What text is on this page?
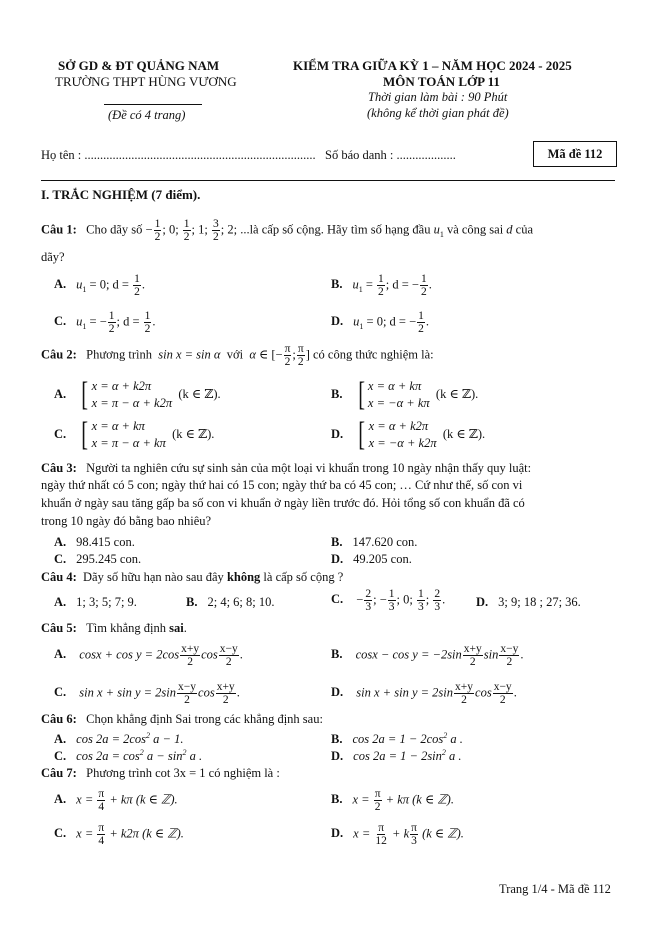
SỞ GD & ĐT QUẢNG NAM
TRƯỜNG THPT HÙNG VƯƠNG
(Đề có 4 trang)
KIỂM TRA GIỮA KỲ 1 – NĂM HỌC 2024 - 2025
MÔN TOÁN LỚP 11
Thời gian làm bài : 90 Phút
(không kể thời gian phát đề)
Họ tên : .......................................................................... Số báo danh : ...................	Mã đề 112
I. TRẮC NGHIỆM (7 điểm).
Câu 1: Cho dãy số − $\frac{1}{2}$ ; 0; $\frac{1}{2}$ ; 1; $\frac{3}{2}$ ; 2; ...là cấp số cộng. Hãy tìm số hạng đầu $u_1$ và công sai d của
dãy?
A. $u_1 = 0$; $d = \frac{1}{2}$ .	B. $u_1 = \frac{1}{2}$ ; d = − $\frac{1}{2}$ .
C. $u_1$ = − $\frac{1}{2}$ ; $d = \frac{1}{2}$ .	D. $u_1 = 0$; d = − $\frac{1}{2}$ .
Câu 2: Phương trình sin x = sin α với α ∈ [− $\frac{\pi}{2}$ ; $\frac{\pi}{2}$ ] có công thức nghiệm là:
A. [ x = α + k2π
x = π − α + k2π
(k ∈ ℤ).	B. [ x = α + kπ
x = −α + kπ
(k ∈ ℤ).
C. [ x = α + kπ
x = π − α + kπ
(k ∈ ℤ).	D. [ x = α + k2π
x = −α + k2π
(k ∈ ℤ).
Câu 3: Người ta nghiên cứu sự sinh sản của một loại vi khuẩn trong 10 ngày nhận thấy quy luật:
ngày thứ nhất có 5 con; ngày thứ hai có 15 con; ngày thứ ba có 45 con; … Cứ như thế, số con vi
khuẩn ở ngày sau tăng gấp ba số con vi khuẩn ở ngày liền trước đó. Hỏi tổng số con khuẩn đã có
trong 10 ngày đó bằng bao nhiêu?
A. 98.415 con.	B. 147.620 con.
C. 295.245 con.	D. 49.205 con.
Câu 4: Dãy số hữu hạn nào sau đây không là cấp số cộng ?
A. 1; 3; 5; 7; 9.	B. 2; 4; 6; 8; 10.	C. − $\frac{2}{3}$ ; − $\frac{1}{3}$ ; 0; $\frac{1}{3}$ ; $\frac{2}{3}$ . D. 3; 9; 18 ; 27; 36.
Câu 5: Tìm khẳng định sai.
A. $\cos x + \cos y = 2\cos \frac{x+y}{2}$ $\cos \frac{x-y}{2}$ .	B. $\cos x - \cos y = -2\sin \frac{x+y}{2}$ $\sin \frac{x-y}{2}$ .
C. $\sin x + \sin y = 2\sin \frac{x-y}{2}$ $\cos \frac{x+y}{2}$ .	D. $\sin x + \sin y = 2\sin \frac{x+y}{2}$ $\cos \frac{x-y}{2}$ .
Câu 6: Chọn khẳng định Sai trong các khẳng định sau:
A. $\cos 2a = 2\cos^2$ a − 1.	B. $\cos 2a = 1 - 2\cos^2$ a .
C. $\cos 2a = \cos^2 a - \sin^2 a$ .	D. $\cos 2a = 1 - 2\sin^2$ a .
Câu 7: Phương trình cot 3x = 1 có nghiệm là :
A. $x = \frac{\pi}{4} + k\pi$ (k ∈ ℤ).	B. $x = \frac{\pi}{2} + k\pi$ (k ∈ ℤ).
C. $x = \frac{\pi}{4} + k2\pi$ (k ∈ ℤ).	D. $x = \frac{\pi}{12} + k \frac{\pi}{3} (k$ ∈ ℤ).
Trang 1/4 - Mã đề 112
